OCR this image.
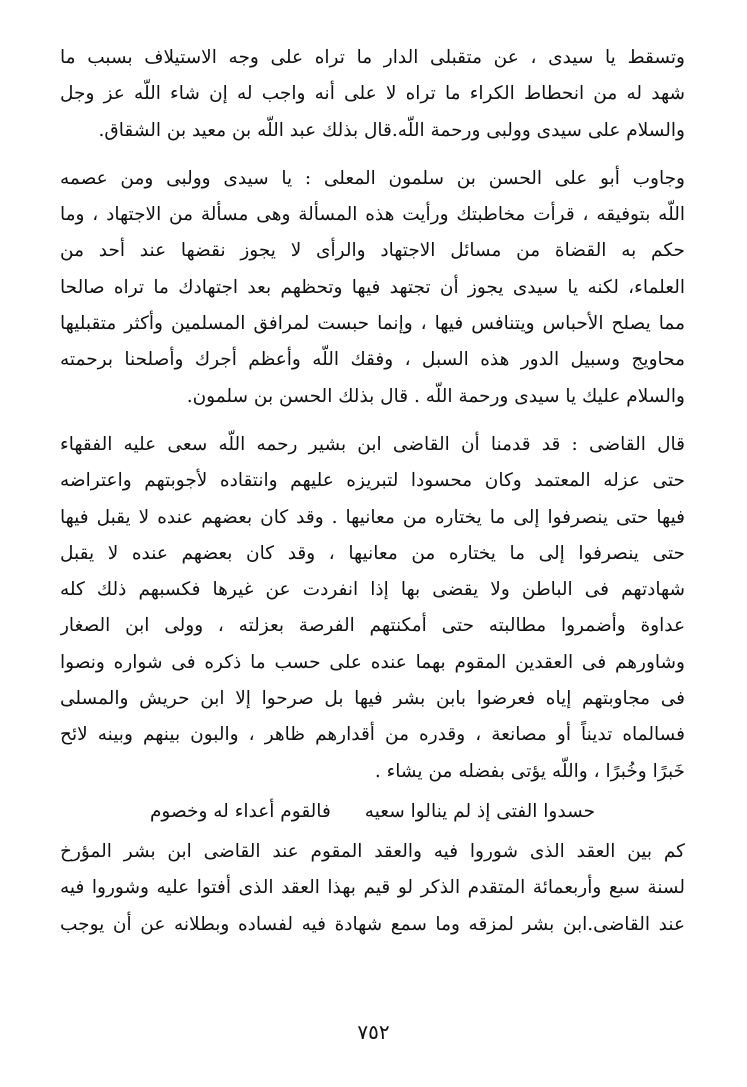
وتسقط يا سيدى ، عن متقبلى الدار ما تراه على وجه الاستيلاف بسبب ما
شهد له من انحطاط الكراء ما تراه لا على أنه واجب له إن شاء اللّه عز وجل
والسلام على سيدى وولبى ورحمة اللّه.قال بذلك عبد اللّه بن معيد بن الشقاق.
وجاوب أبو على الحسن بن سلمون المعلى : يا سيدى وولبى ومن عصمه
اللّه بتوفيقه ، قرأت مخاطبتك ورأيت هذه المسألة وهى مسألة من الاجتهاد ، وما
حكم به القضاة من مسائل الاجتهاد والرأى لا يجوز نقضها عند أحد من
العلماء، لكنه يا سيدى يجوز أن تجتهد فيها وتحظهم بعد اجتهادك ما تراه صالحا
مما يصلح الأحباس ويتنافس فيها ، وإنما حبست لمرافق المسلمين وأكثر متقبليها
محاويج وسبيل الدور هذه السبل ، وفقك اللّه وأعظم أجرك وأصلحنا برحمته
والسلام عليك يا سيدى ورحمة اللّه . قال بذلك الحسن بن سلمون.
قال القاضى : قد قدمنا أن القاضى ابن بشير رحمه اللّه سعى عليه الفقهاء
حتى عزله المعتمد وكان محسودا لتبريزه عليهم وانتقاده لأجوبتهم واعتراضه
فيها حتى ينصرفوا إلى ما يختاره من معانيها . وقد كان بعضهم عنده لا يقبل فيها
حتى ينصرفوا إلى ما يختاره من معانيها ، وقد كان بعضهم عنده لا يقبل
شهادتهم فى الباطن ولا يقضى بها إذا انفردت عن غيرها فكسبهم ذلك كله
عداوة وأضمروا مطالبته حتى أمكنتهم الفرصة بعزلته ، وولى ابن الصغار
وشاورهم فى العقدين المقوم بهما عنده على حسب ما ذكره فى شواره ونصوا
فى مجاوبتهم إياه فعرضوا بابن بشر فيها بل صرحوا إلا ابن حريش والمسلى
فسالماه تديناً أو مصانعة ، وقدره من أقدارهم ظاهر ، والبون بينهم وبينه لائح
خَبرًا وخُبرًا ، واللّه يؤتى بفضله من يشاء .
حسدوا الفتى إذ لم ينالوا سعيهفالقوم أعداء له وخصوم
كم بين العقد الذى شوروا فيه والعقد المقوم عند القاضى ابن بشر المؤرخ
لسنة سبع وأربعمائة المتقدم الذكر لو قيم بهذا العقد الذى أفتوا عليه وشوروا فيه
عند القاضى.ابن بشر لمزقه وما سمع شهادة فيه لفساده وبطلانه عن أن يوجب
٧٥٢
